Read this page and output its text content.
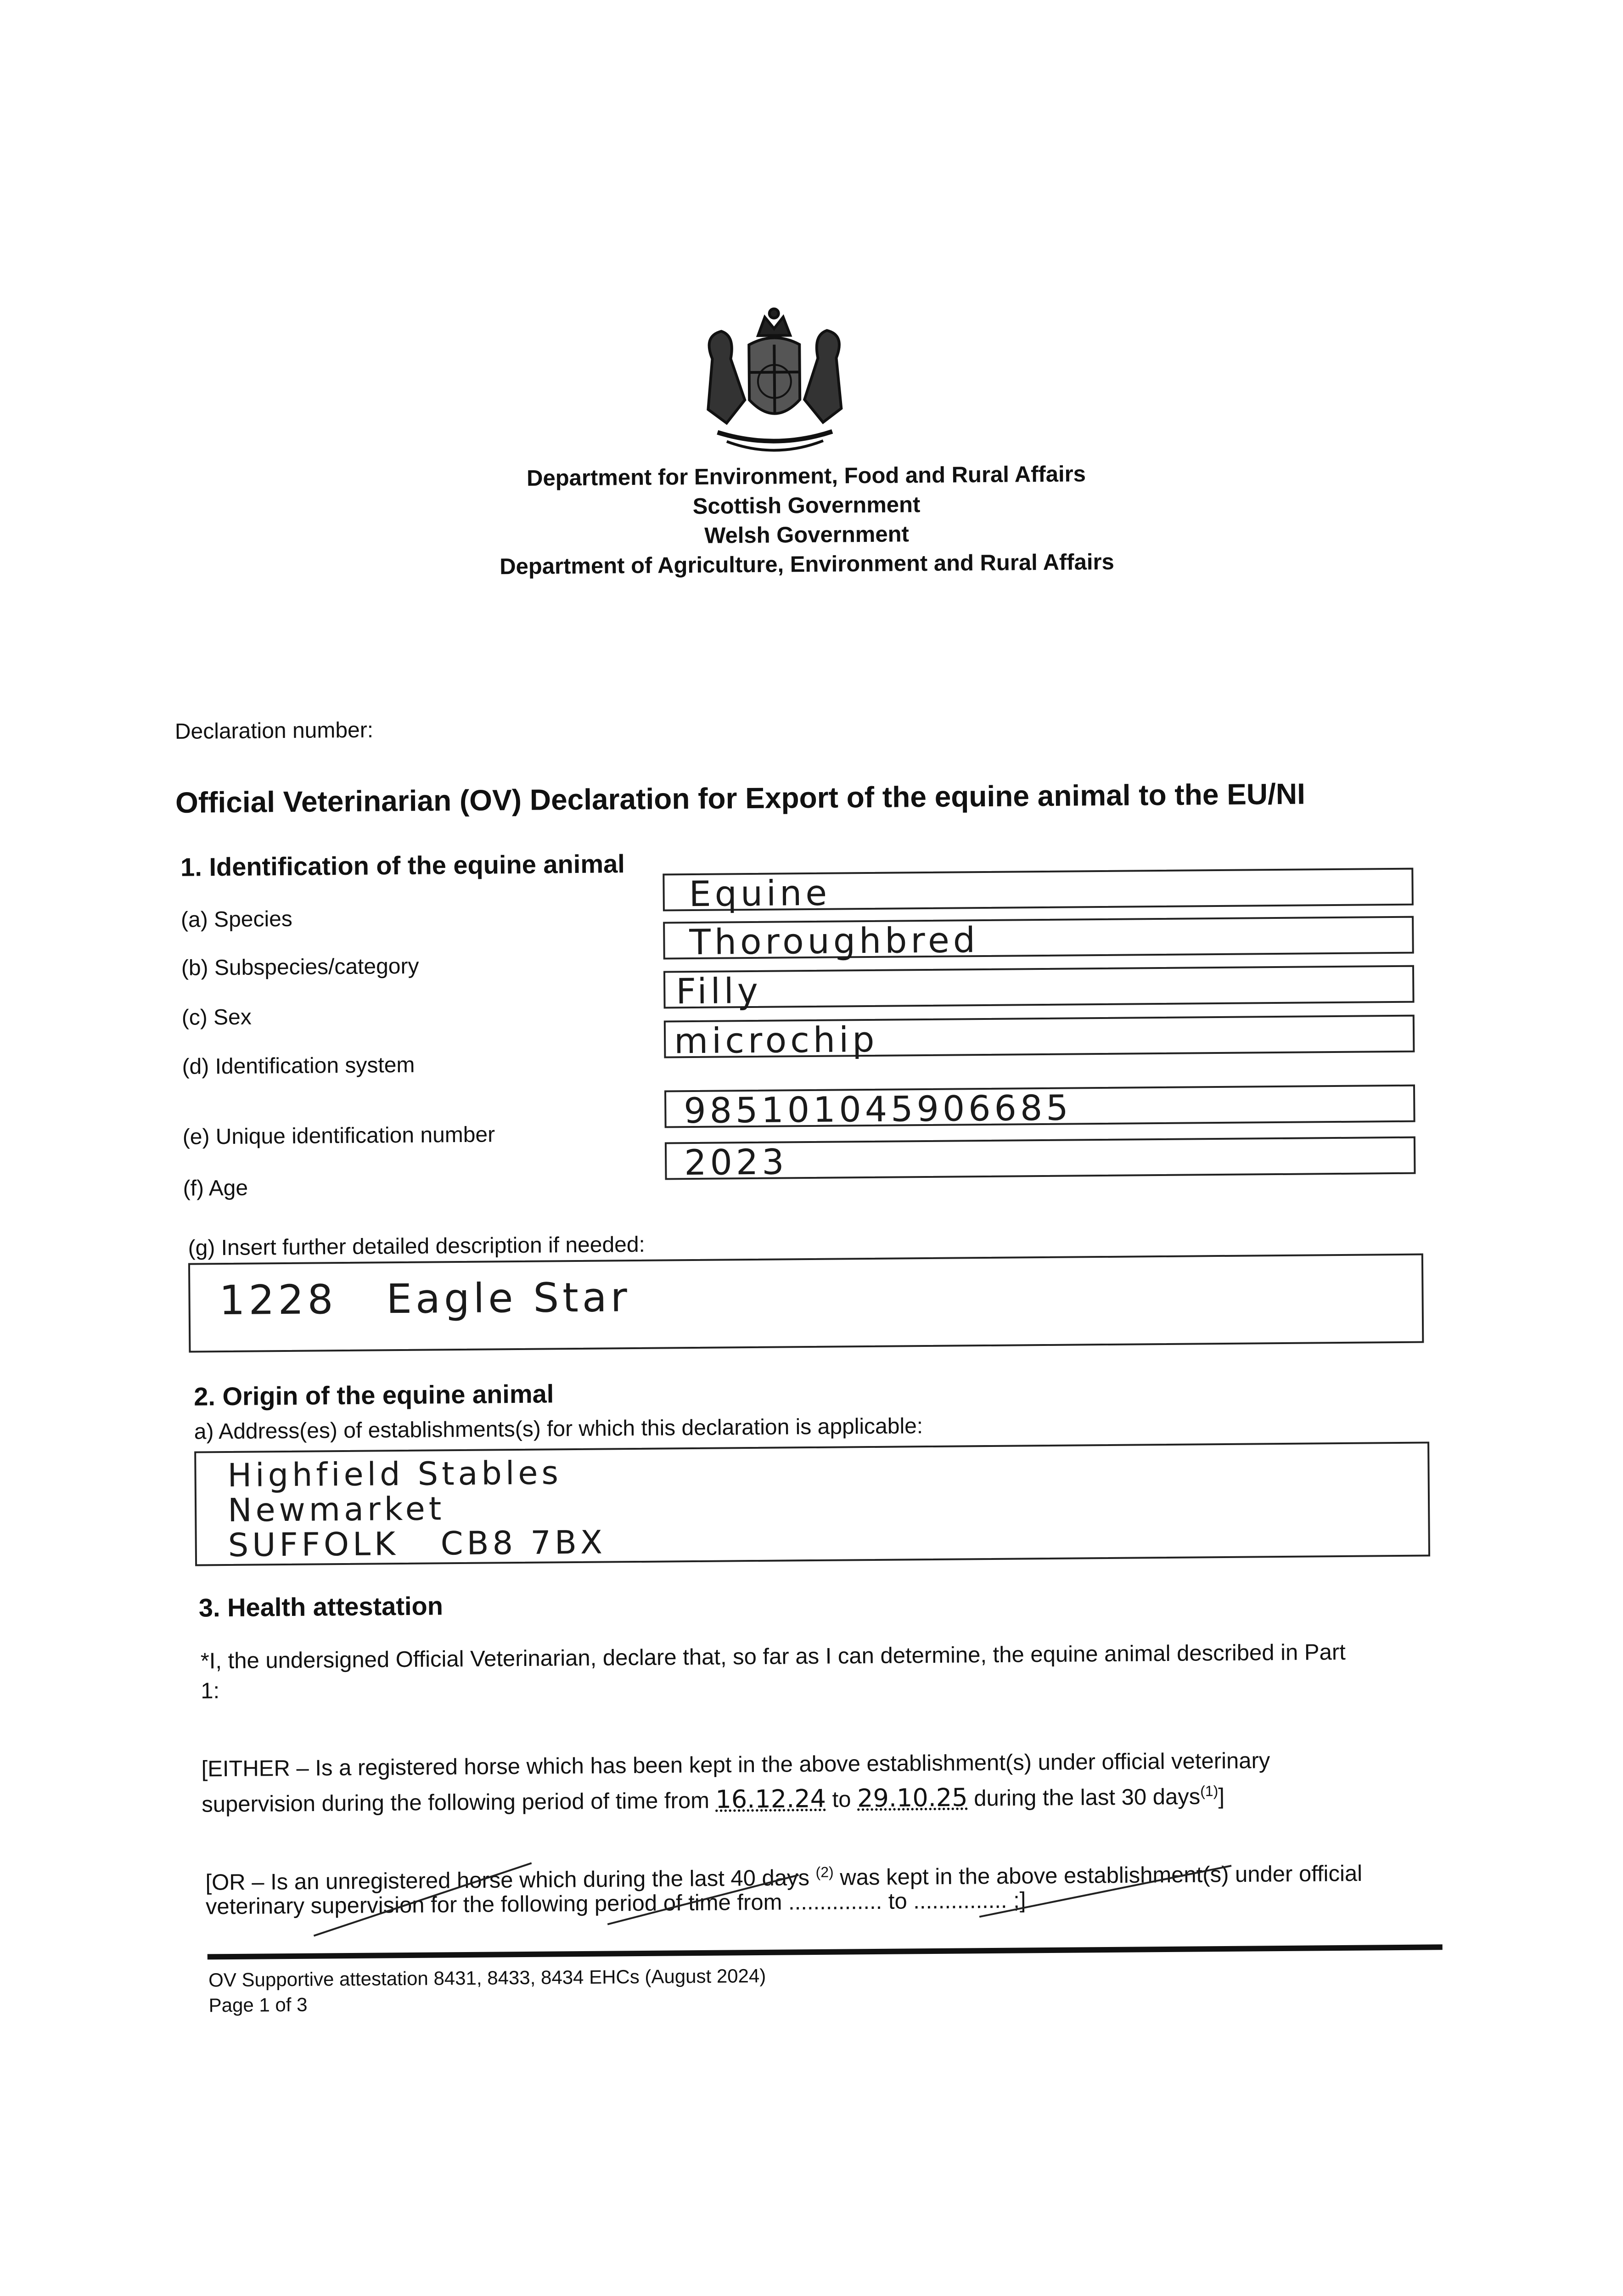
Department for Environment, Food and Rural Affairs
Scottish Government
Welsh Government
Department of Agriculture, Environment and Rural Affairs
Declaration number:
Official Veterinarian (OV) Declaration for Export of the equine animal to the EU/NI
1. Identification of the equine animal
(a) Species
Equine
(b) Subspecies/category
Thoroughbred
(c) Sex
Filly
(d) Identification system
microchip
(e) Unique identification number
985101045906685
(f) Age
2023
(g) Insert further detailed description if needed:
1228   Eagle Star
2. Origin of the equine animal
a) Address(es) of establishments(s) for which this declaration is applicable:
Highfield Stables
Newmarket
SUFFOLK   CB8 7BX
3. Health attestation
*I, the undersigned Official Veterinarian, declare that, so far as I can determine, the equine animal described in Part
1:
[EITHER – Is a registered horse which has been kept in the above establishment(s) under official veterinary
supervision during the following period of time from 16.12.24 to 29.10.25 during the last 30 days$^{(1)}$]
[OR – Is an unregistered horse which during the last 40 days $^{(2)}$ was kept in the above establishment(s) under official
veterinary supervision for the following period of time from ............... to ............... ;]
OV Supportive attestation 8431, 8433, 8434 EHCs (August 2024)
Page 1 of 3
